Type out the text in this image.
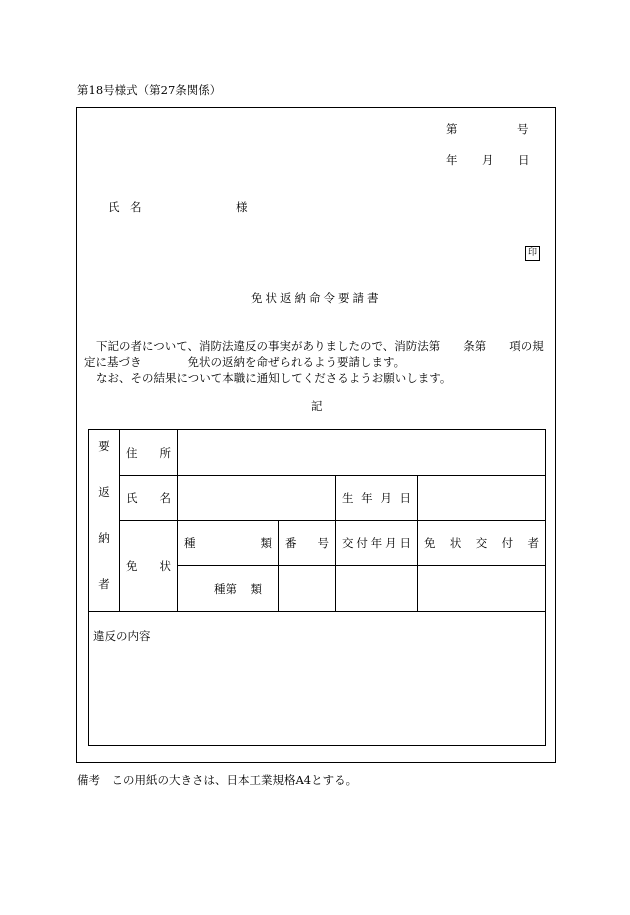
第18号様式（第27条関係）
第	号
年 月 日
氏 名	様
印
免状返納命令要請書
下記の者について、消防法違反の事実がありましたので、消防法第　　条第　　項の規
定に基づき　　　　免状の返納を命ぜられるよう要請します。
なお、その結果について本職に通知してくださるようお願いします。
記
要
返
納
者	住 所				

	氏 名			生 年 月 日	

	免 状	種 類	番 号	交 付 年 月 日	免 状 交 付 者

		種第 類			

違反の内容					
備考　この用紙の大きさは、日本工業規格A4とする。
